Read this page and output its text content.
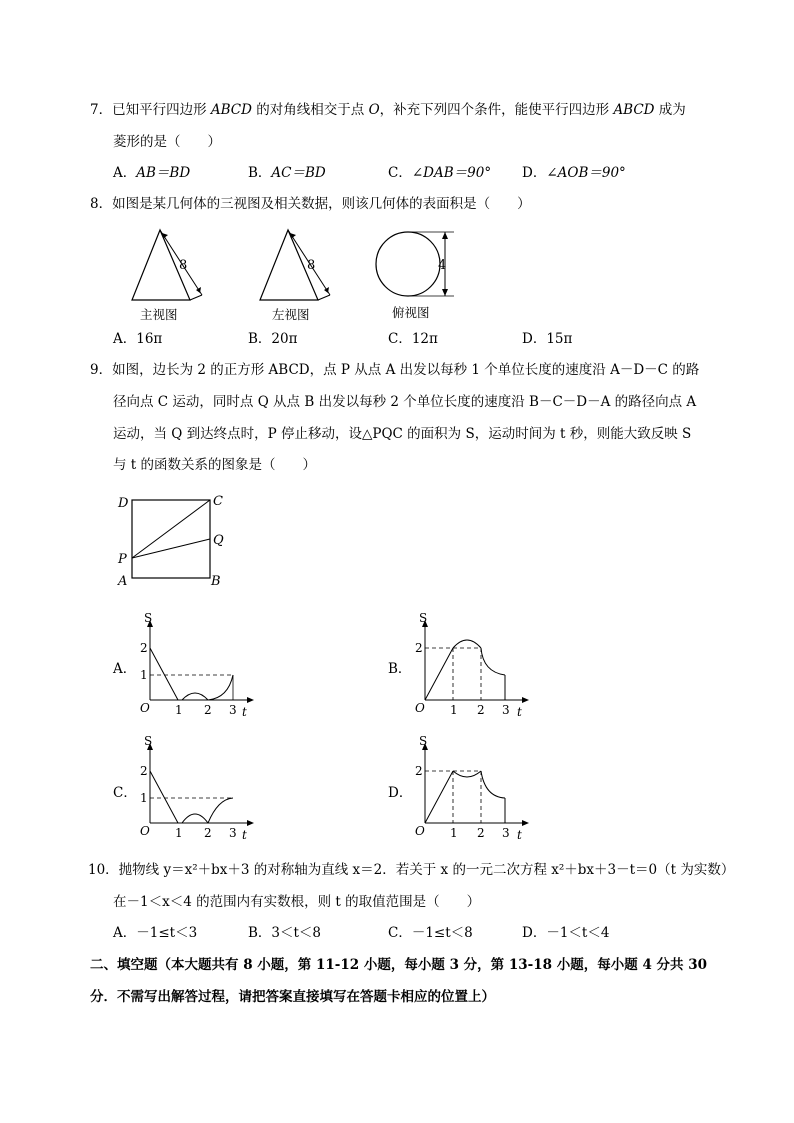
7．已知平行四边形 ABCD 的对角线相交于点 O，补充下列四个条件，能使平行四边形 ABCD 成为
菱形的是（　　）
A．AB＝BD	B．AC＝BD	C．∠DAB＝90° D．∠AOB＝90°
8．如图是某几何体的三视图及相关数据，则该几何体的表面积是（　　）
8
主视图
8
左视图
4
俯视图
A．16π	B．20π	C．12π	D．15π
9．如图，边长为 2 的正方形 ABCD，点 P 从点 A 出发以每秒 1 个单位长度的速度沿 A－D－C 的路
径向点 C 运动，同时点 Q 从点 B 出发以每秒 2 个单位长度的速度沿 B－C－D－A 的路径向点 A
运动，当 Q 到达终点时，P 停止移动，设△PQC 的面积为 S，运动时间为 t 秒，则能大致反映 S
与 t 的函数关系的图象是（　　）
D	C
Q
P
A	B
A．
S
2
1
O 1 2 3 t
B．
S
2
O 1 2 3 t
C．
S
2
1
O 1 2 3 t
D．
S
2
O 1 2 3 t
10．抛物线 y＝x²＋bx＋3 的对称轴为直线 x＝2．若关于 x 的一元二次方程 x²＋bx＋3－t＝0（t 为实数）
在－1＜x＜4 的范围内有实数根，则 t 的取值范围是（　　）
A．－1≤t＜3	B．3＜t＜8	C．－1≤t＜8	D．－1＜t＜4
二、填空题（本大题共有 8 小题，第 11-12 小题，每小题 3 分，第 13-18 小题，每小题 4 分共 30
分．不需写出解答过程，请把答案直接填写在答题卡相应的位置上）
